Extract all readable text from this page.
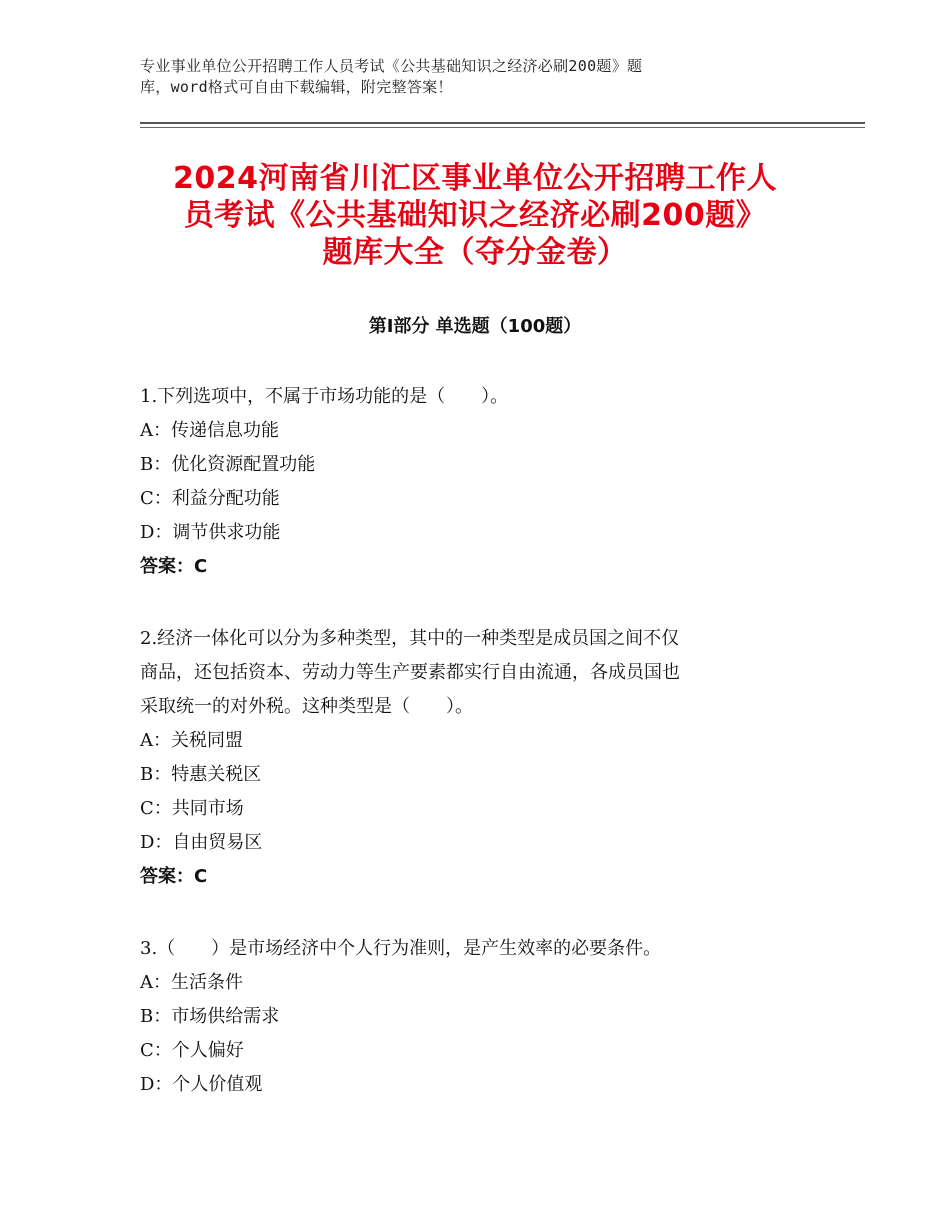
专业事业单位公开招聘工作人员考试《公共基础知识之经济必刷200题》题
库，word格式可自由下载编辑，附完整答案！
2024河南省川汇区事业单位公开招聘工作人
员考试《公共基础知识之经济必刷200题》
题库大全（夺分金卷）
第Ⅰ部分 单选题（100题）
1.下列选项中，不属于市场功能的是（　　）。
A：传递信息功能
B：优化资源配置功能
C：利益分配功能
D：调节供求功能
答案：C
2.经济一体化可以分为多种类型，其中的一种类型是成员国之间不仅
商品，还包括资本、劳动力等生产要素都实行自由流通，各成员国也
采取统一的对外税。这种类型是（　　）。
A：关税同盟
B：特惠关税区
C：共同市场
D：自由贸易区
答案：C
3.（　　）是市场经济中个人行为准则，是产生效率的必要条件。
A：生活条件
B：市场供给需求
C：个人偏好
D：个人价值观
